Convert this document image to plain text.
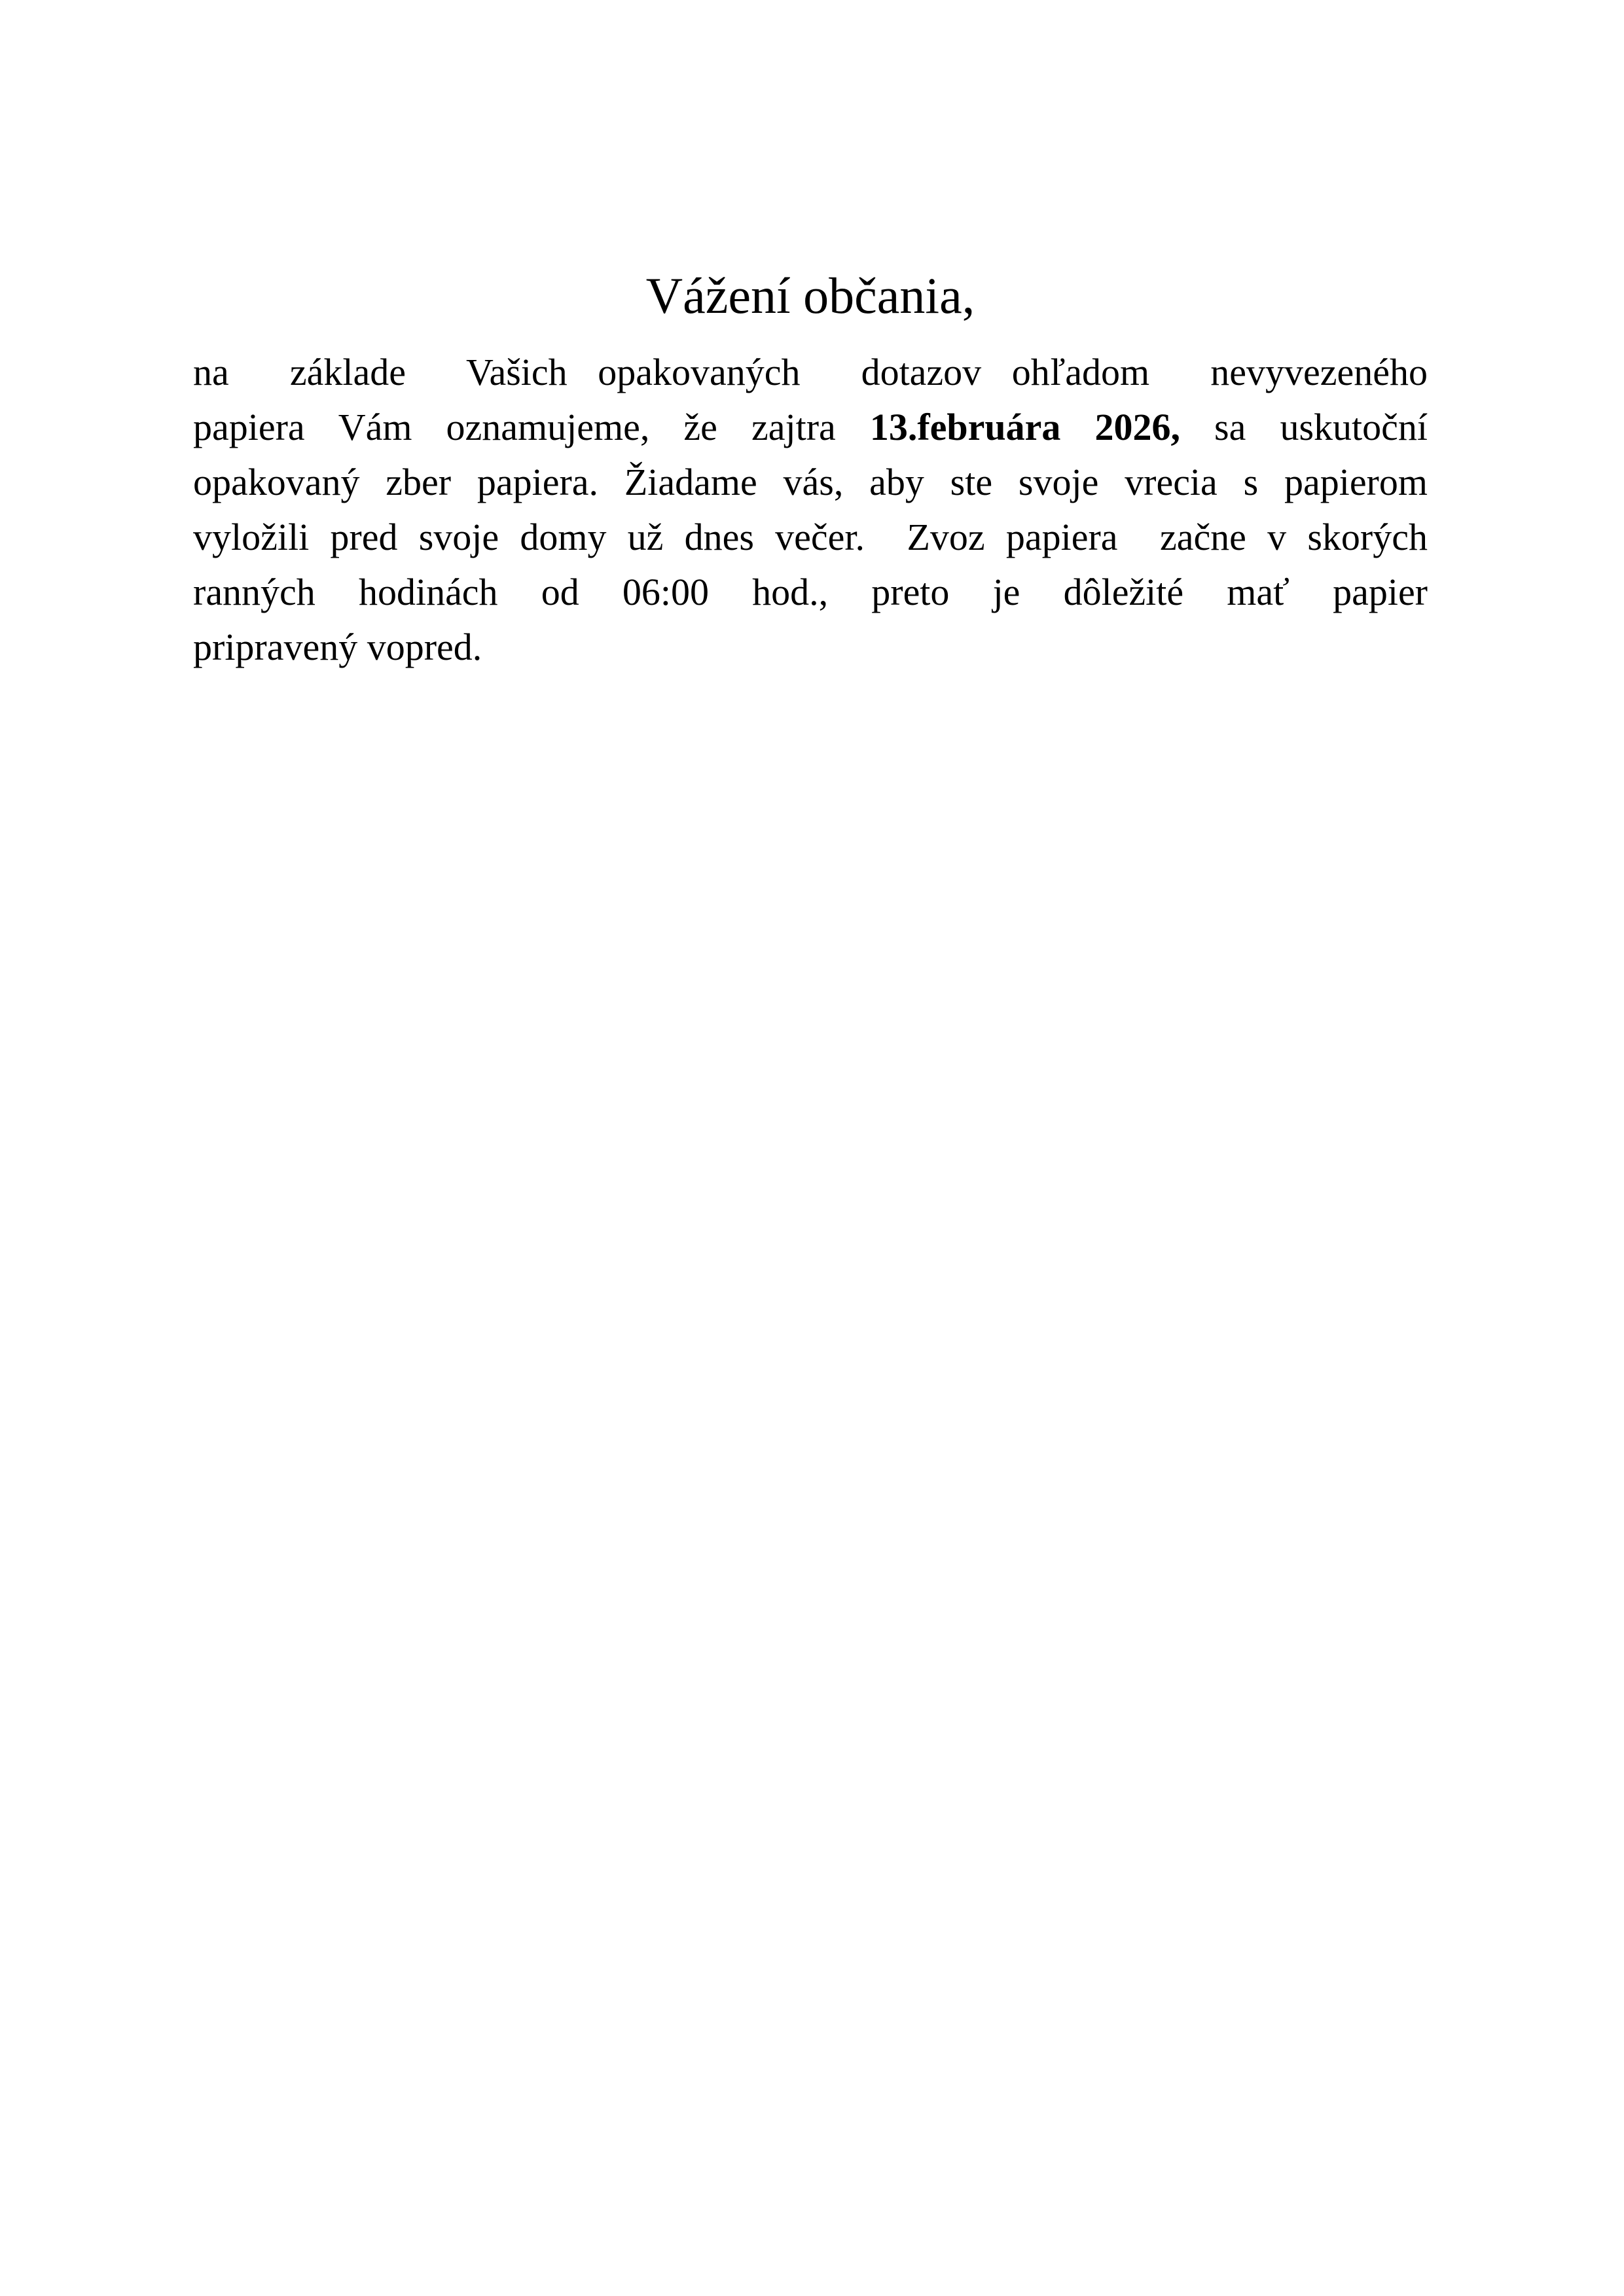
Vážení občania,
na  základe  Vašich opakovaných  dotazov ohľadom  nevyvezeného
papiera Vám oznamujeme, že zajtra 13.februára 2026, sa uskutoční
opakovaný zber papiera. Žiadame vás, aby ste svoje vrecia s papierom
vyložili pred svoje domy už dnes večer.  Zvoz papiera  začne v skorých
ranných hodinách od 06:00 hod., preto je dôležité mať papier
pripravený vopred.
